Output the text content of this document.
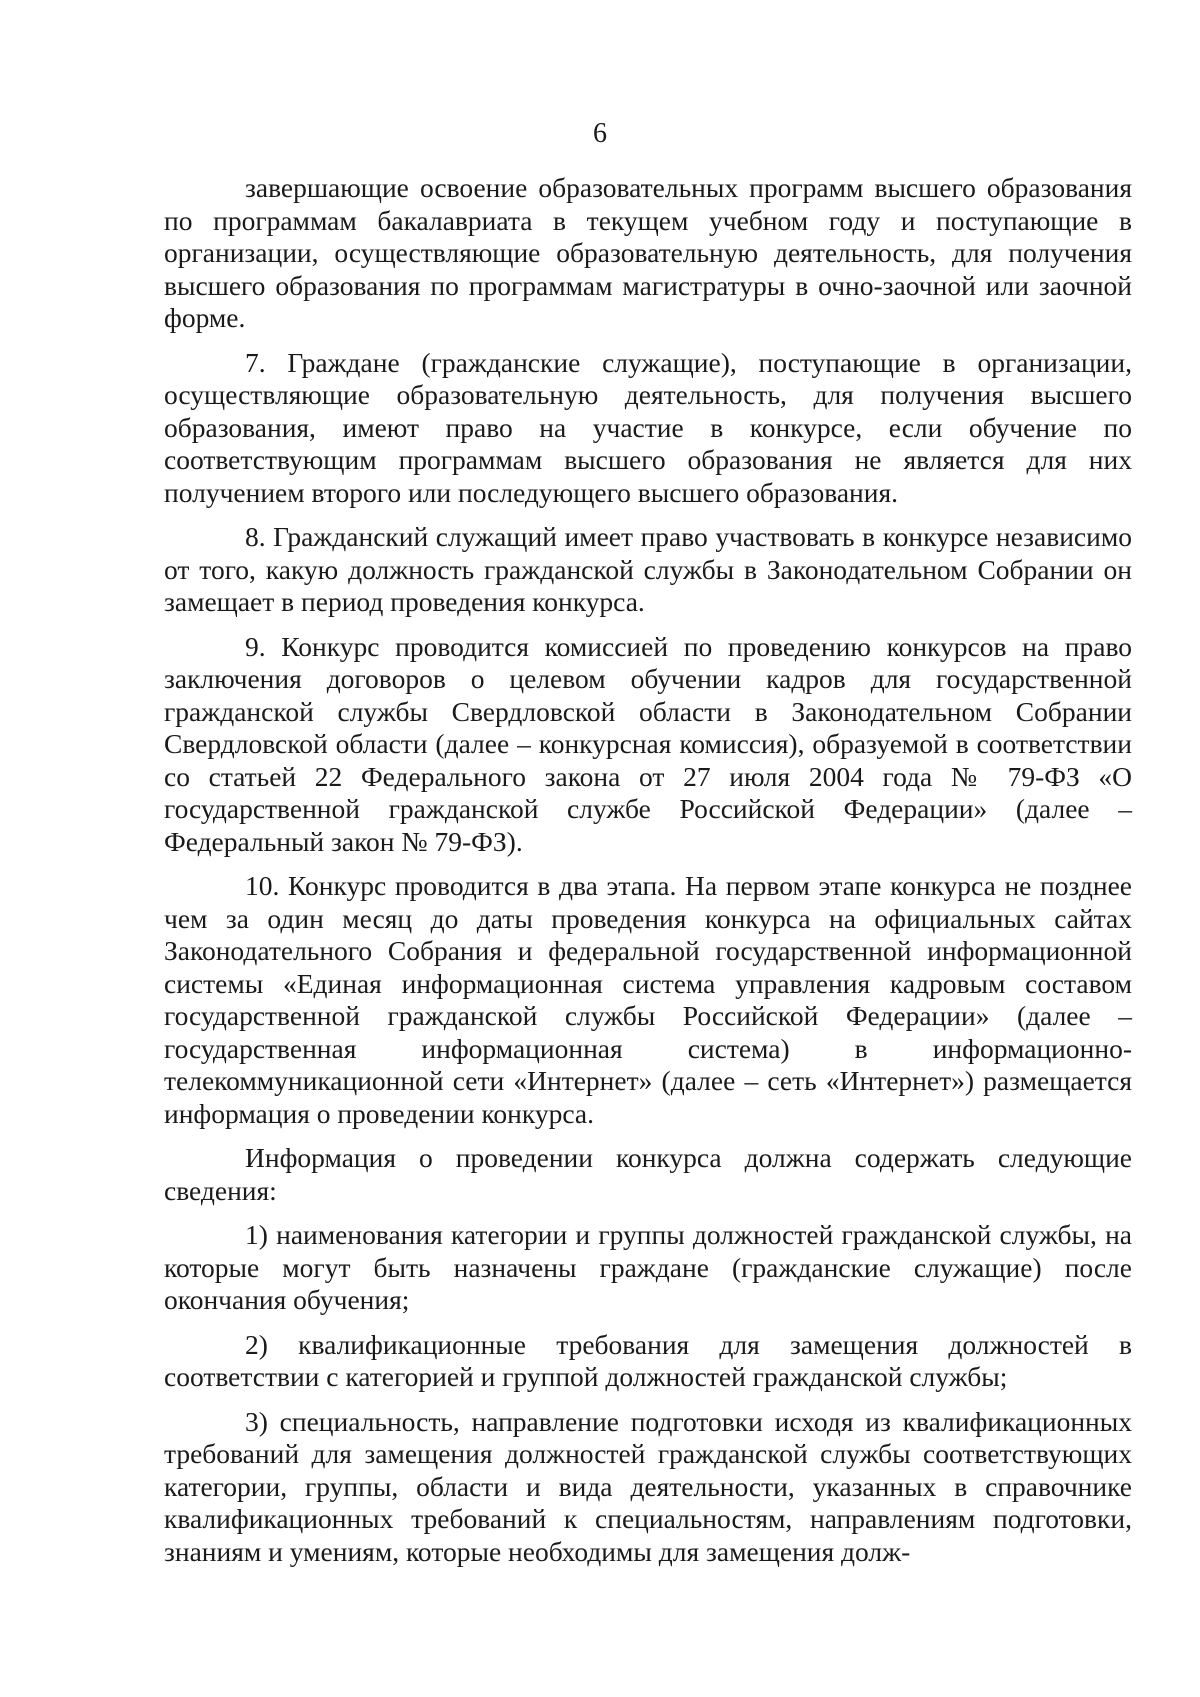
6

завершающие освоение образовательных программ высшего образования по программам бакалавриата в текущем учебном году и поступающие в организации, осуществляющие образовательную деятельность, для получения высшего образования по программам магистратуры в очно-заочной или заочной форме.

7. Граждане (гражданские служащие), поступающие в организации, осуществляющие образовательную деятельность, для получения высшего образования, имеют право на участие в конкурсе, если обучение по соответствующим программам высшего образования не является для них получением второго или последующего высшего образования.

8. Гражданский служащий имеет право участвовать в конкурсе независимо от того, какую должность гражданской службы в Законодательном Собрании он замещает в период проведения конкурса.

9. Конкурс проводится комиссией по проведению конкурсов на право заключения договоров о целевом обучении кадров для государственной гражданской службы Свердловской области в Законодательном Собрании Свердловской области (далее – конкурсная комиссия), образуемой в соответствии со статьей 22 Федерального закона от 27 июля 2004 года № 79-ФЗ «О государственной гражданской службе Российской Федерации» (далее – Федеральный закон № 79-ФЗ).

10. Конкурс проводится в два этапа. На первом этапе конкурса не позднее чем за один месяц до даты проведения конкурса на официальных сайтах Законодательного Собрания и федеральной государственной информационной системы «Единая информационная система управления кадровым составом государственной гражданской службы Российской Федерации» (далее – государственная информационная система) в информационно-телекоммуникационной сети «Интернет» (далее – сеть «Интернет») размещается информация о проведении конкурса.

Информация о проведении конкурса должна содержать следующие сведения:

1) наименования категории и группы должностей гражданской службы, на которые могут быть назначены граждане (гражданские служащие) после окончания обучения;

2) квалификационные требования для замещения должностей в соответствии с категорией и группой должностей гражданской службы;

3) специальность, направление подготовки исходя из квалификационных требований для замещения должностей гражданской службы соответствующих категории, группы, области и вида деятельности, указанных в справочнике квалификационных требований к специальностям, направлениям подготовки, знаниям и умениям, которые необходимы для замещения долж-
